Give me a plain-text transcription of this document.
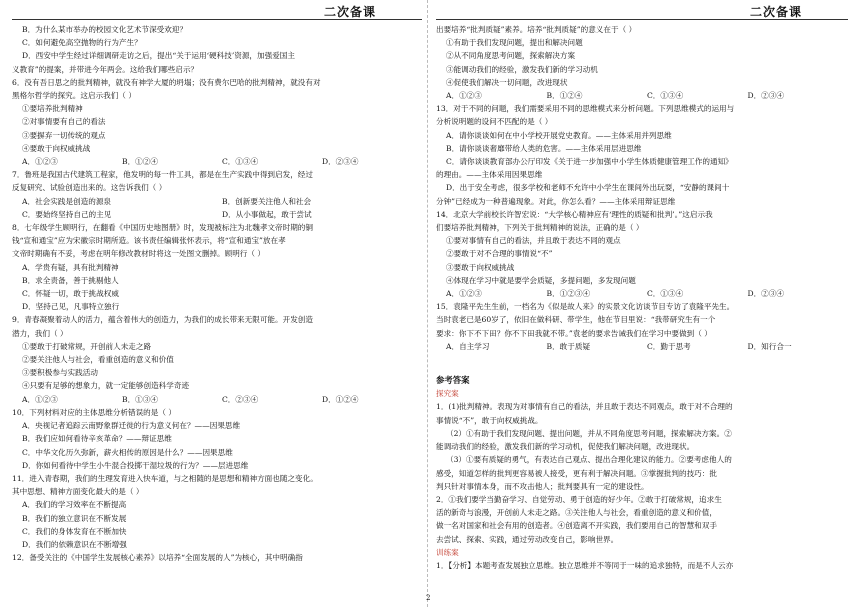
二次备课
B．为什么某市举办的校园文化艺术节深受欢迎？
C．如何避免高空抛物的行为产生？
D．西安中学生经过详细调研走访之后，提出“关于运用‘硬科技’资源，加强爱国主
义教育”的提案，并带进今年两会。这给我们哪些启示？
6．没有吾日思之的批判精神，就没有神学大厦的坍塌；没有费尔巴哈的批判精神，就没有对
黑格尔哲学的探究。这启示我们（ ）
①要培养批判精神
②对事情要有自己的看法
③要摒弃一切传统的观点
④要敢于向权威挑战
A．①②③	B．①②④	C．①③④	D．②③④
7．鲁班是我国古代建筑工程家，他发明的每一件工具，都是在生产实践中得到启发，经过
反复研究、试验创造出来的。这告诉我们（ ）
A．社会实践是创造的源泉	B．创新要关注他人和社会
C．要始终坚持自己的主见	D．从小事做起，敢于尝试
8．七年级学生顾明行，在翻看《中国历史地图册》时，发现被标注为北魏孝文帝时期的铜
钱“宣和通宝”应为宋徽宗时期所造。该书责任编辑张怀表示，将“宣和通宝”放在孝
文帝时期确有不妥，考虑在明年修改教材时将这一处图文删掉。顾明行（ ）
A．学贵有疑，具有批判精神
B．求全责备，善于挑剔他人
C．怀疑一切，敢于挑战权威
D．坚持己见，凡事特立独行
9．青春凝聚着动人的活力，蕴含着伟大的创造力，为我们的成长带来无限可能。开发创造
潜力，我们（ ）
①要敢于打破常规，开创前人未走之路
②要关注他人与社会，看重创造的意义和价值
③要积极参与实践活动
④只要有足够的想象力，就一定能够创造科学奇迹
A．①②③	B．①③④	C．②③④	D．①②④
10．下列材料对应的主体思维分析错误的是（ ）
A．央视记者追踪云南野象群迁徙的行为意义何在？——因果思维
B．我们应如何看待辛亥革命？——辩证思维
C．中华文化历久弥新，薪火相传的原因是什么？——因果思维
D．你如何看待中学生小牛混合投掷干湿垃圾的行为？——层进思维
11．进入青春期，我们的生理发育进入快车道，与之相随的是思想和精神方面也随之变化。
其中思想、精神方面变化最大的是（ ）
A．我们的学习效率在不断提高
B．我们的独立意识在不断发展
C．我们的身体发育在不断加快
D．我们的依赖意识在不断增强
12．备受关注的《中国学生发展核心素养》以培养“全面发展的人”为核心，其中明确指
二次备课
出要培养“批判质疑”素养。培养“批判质疑”的意义在于（ ）
①有助于我们发现问题，提出和解决问题
②从不同角度思考问题，探索解决方案
③能调动我们的经验，激发我们新的学习动机
④促使我们解决一切问题，改进现状
A．①②③	B．①②④	C．①③④	D．②③④
13．对于不同的问题，我们需要采用不同的思维模式来分析问题。下列思维模式的运用与
分析说明题的设问不匹配的是（ ）
A．请你谈谈如何在中小学校开展党史教育。——主体采用并列思维
B．请你谈谈奢靡带给人类的危害。——主体采用层进思维
C．请你谈谈教育部办公厅印发《关于进一步加强中小学生体质健康管理工作的通知》
的理由。——主体采用因果思维
D．出于安全考虑，很多学校和老师不允许中小学生在课间外出玩耍，“安静的课间十
分钟”已经成为一种普遍现象。对此，你怎么看？——主体采用辩证思维
14．北京大学前校长许智宏说：“大学核心精神应有‘理性的质疑和批判’。”这启示我
们要培养批判精神，下列关于批判精神的说法，正确的是（ ）
①要对事情有自己的看法，并且敢于表达不同的观点
②要敢于对不合理的事情说“不”
③要敢于向权威挑战
④体现在学习中就是要学会质疑，多提问题，多发现问题
A．①②③	B．①②③④	C．①③④	D．②③④
15．袁隆平先生生前，一档名为《似是故人来》的实景文化访谈节目专访了袁隆平先生。
当时袁老已是60岁了，依旧在做科研、带学生，他在节目里说：“我带研究生有一个
要求：你下不下田？你不下田我就不带。”袁老的要求告诫我们在学习中要做到（ ）
A．自主学习	B．敢于质疑	C．勤于思考	D．知行合一

参考答案
探究案
1．(1)批判精神。表现为对事情有自己的看法，并且敢于表达不同观点，敢于对不合理的
事情说“不”，敢于向权威挑战。
（2）①有助于我们发现问题、提出问题，并从不同角度思考问题，探索解决方案。②
能调动我们的经验，激发我们新的学习动机，促使我们解决问题，改进现状。
（3）①要有质疑的勇气，有表达自己观点、提出合理化建议的能力。②要考虑他人的
感受，知道怎样的批判更容易被人接受，更有利于解决问题。③掌握批判的技巧：批
判只针对事情本身，而不攻击他人；批判要具有一定的建设性。
2．①我们要学当勤奋学习、自觉劳动、勇于创造的好少年。②敢于打破常规，追求生
活的新奇与浪漫，开创前人未走之路。③关注他人与社会，看重创造的意义和价值，
做一名对国家和社会有用的创造者。④创造离不开实践，我们要用自己的智慧和双手
去尝试、探索、实践，通过劳动改变自己，影响世界。
训练案
1．【分析】本题考查发展独立思维。独立思维并不等同于一味的追求独特，而是不人云亦
2
